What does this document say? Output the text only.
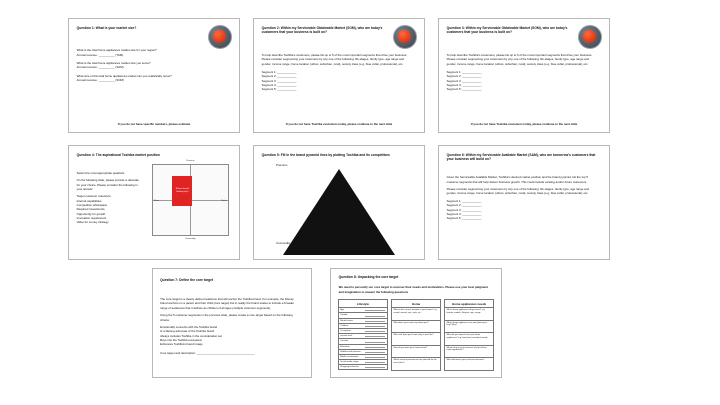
Question 1: What is your market size?
What is the total home appliances market size for your region?
Annual revenue: __________ (TAM)
What is the total home appliances market size you serve?
Annual revenue: __________ (SAM)
What size of this total home appliances market can you realistically serve?
Annual revenue: __________ (SOM)
If you do not have specific numbers, please estimate
Question 2: Within my Serviceable Obtainable Market (SOM), who are today's customers that your business is built on?
To help describe Toshiba's customers, please list up to 5 of the most important segments that drive your business. Please consider segmenting your customers by any one of the following: life-stages, family type, age range and gender, income range, home location (urban, suburban, rural), society class (e.g. blue collar, professional), etc.
Segment 1: ____________
Segment 2: ____________
Segment 3: ____________
Segment 4: ____________
Segment 5: ____________
If you do not have Toshiba customers today, please continue to the next slide
Question 3: Within my Serviceable Obtainable Market (SOM), who are today's customers that your business is built on?
To help describe Toshiba's customers, please list up to 5 of the most important segments that drive your business. Please consider segmenting your customers by any one of the following: life-stages, family type, age range and gender, income range, home location (urban, suburban, rural), society class (e.g. blue collar, professional), etc.
Segment 1: ____________
Segment 2: ____________
Segment 3: ____________
Segment 4: ____________
Segment 5: ____________
If you do not have Toshiba customers today, please continue to the next slide
Question 4: The aspirational Toshiba market position
Select the most appropriate quadrant.
On the following slide, please provide a rationale for your choice. Please consider the following in your answer:
Target customer relevance
Internal capabilities
Competitive whitespace
Required investments
Opportunity for growth
Innovation requirement
Value for money strategy
Premium
Commodity
Mass	Niche
Where should Toshiba play?
Question 5: Fill in the brand pyramid lines by plotting Toshiba and its competitors
Premium
Commodity
Question 6: Within my Serviceable Available Market (SAM), who are tomorrow's customers that your business will build on?
Given the Serviceable Available Market, Toshiba's desired market position and the brand pyramid, list the top 5 customer segments that will help deliver business growth. This could include existing and/or future customers.
Please consider segmenting your customers by any one of the following: life-stages, family type, age range and gender, income range, home location (urban, suburban, rural), society class (e.g. blue collar, professional), etc.
Segment 1: ____________
Segment 2: ____________
Segment 3: ____________
Segment 4: ____________
Segment 5: ____________
Question 7: Define the core target
The core target is a clearly defined audience that will anchor the Toshiba brand. For example, the Disney brand anchors on a parent and their child (core target) but in reality the brand scales to include a broader range of audiences that it defines as children of all ages (multiple customer segments).
Using the 5 customer segments in the previous slide, please create a core target based on the following criteria:
Emotionally connects with the Toshiba brand
Is a lifelong advocate of the Toshiba brand
Always includes Toshiba in the consideration set
Buys into the Toshiba ecosystem
Enhances Toshiba's brand image
Core target and description: ____________________________________
Question 8: Unpacking the core target
We need to personify our core target to uncover their needs and motivations. Please use your best judgment and imagination to answer the following questions
Lifestyle
Age:
Gender:
Marital status:
Children:
Occupation:
Income level:
Location:
Education:
Hobbies and interests:
Media consumption:
Social media usage:
Shopping behaviour:
Home
What is the current situation in your home? e.g. rented, owned, size, style, etc.
What does your home say about you?
What role does your home play in your life?
How do you want your home to feel?
Which home improvements are planned for the near future?
Home appliances needs
Which home appliances do you own? e.g. brands, models, lifespan, age, usage
Which home appliances are you planning to buy? Why?
What do you expect from your home appliances? e.g. functional, emotional needs
Where do you go to research and purchase home appliances?
What influences your purchase decision?
